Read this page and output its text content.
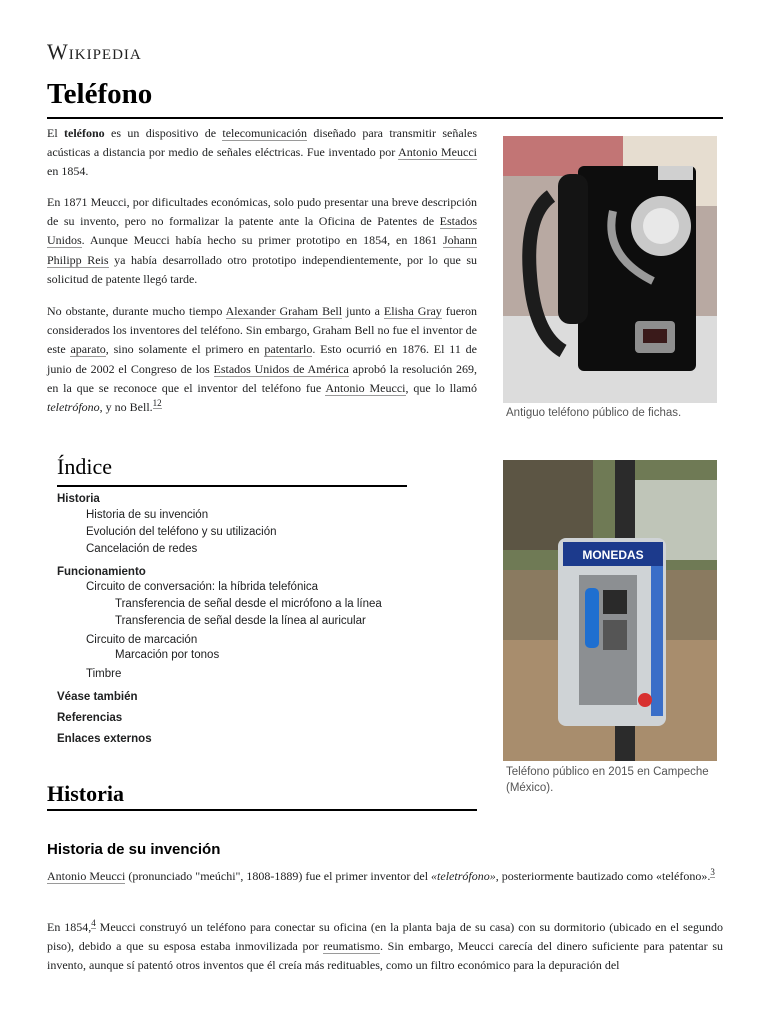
Wikipedia
Teléfono
El teléfono es un dispositivo de telecomunicación diseñado para transmitir señales acústicas a distancia por medio de señales eléctricas. Fue inventado por Antonio Meucci en 1854.
En 1871 Meucci, por dificultades económicas, solo pudo presentar una breve descripción de su invento, pero no formalizar la patente ante la Oficina de Patentes de Estados Unidos. Aunque Meucci había hecho su primer prototipo en 1854, en 1861 Johann Philipp Reis ya había desarrollado otro prototipo independientemente, por lo que su solicitud de patente llegó tarde.
No obstante, durante mucho tiempo Alexander Graham Bell junto a Elisha Gray fueron considerados los inventores del teléfono. Sin embargo, Graham Bell no fue el inventor de este aparato, sino solamente el primero en patentarlo. Esto ocurrió en 1876. El 11 de junio de 2002 el Congreso de los Estados Unidos de América aprobó la resolución 269, en la que se reconoce que el inventor del teléfono fue Antonio Meucci, que lo llamó teletrófono, y no Bell.$^{12}$
Antiguo teléfono público de fichas.
MONEDAS
Teléfono público en 2015 en Campeche (México).
Índice
Historia
Historia de su invención
Evolución del teléfono y su utilización
Cancelación de redes
Funcionamiento
Circuito de conversación: la híbrida telefónica
Transferencia de señal desde el micrófono a la línea
Transferencia de señal desde la línea al auricular
Circuito de marcación
Marcación por tonos
Timbre
Véase también
Referencias
Enlaces externos
Historia
Historia de su invención
Antonio Meucci (pronunciado "meúchi", 1808-1889) fue el primer inventor del «teletrófono», posteriormente bautizado como «teléfono».$^3$
En 1854,$^4$ Meucci construyó un teléfono para conectar su oficina (en la planta baja de su casa) con su dormitorio (ubicado en el segundo piso), debido a que su esposa estaba inmovilizada por reumatismo. Sin embargo, Meucci carecía del dinero suficiente para patentar su invento, aunque sí patentó otros inventos que él creía más redituables, como un filtro económico para la depuración del
